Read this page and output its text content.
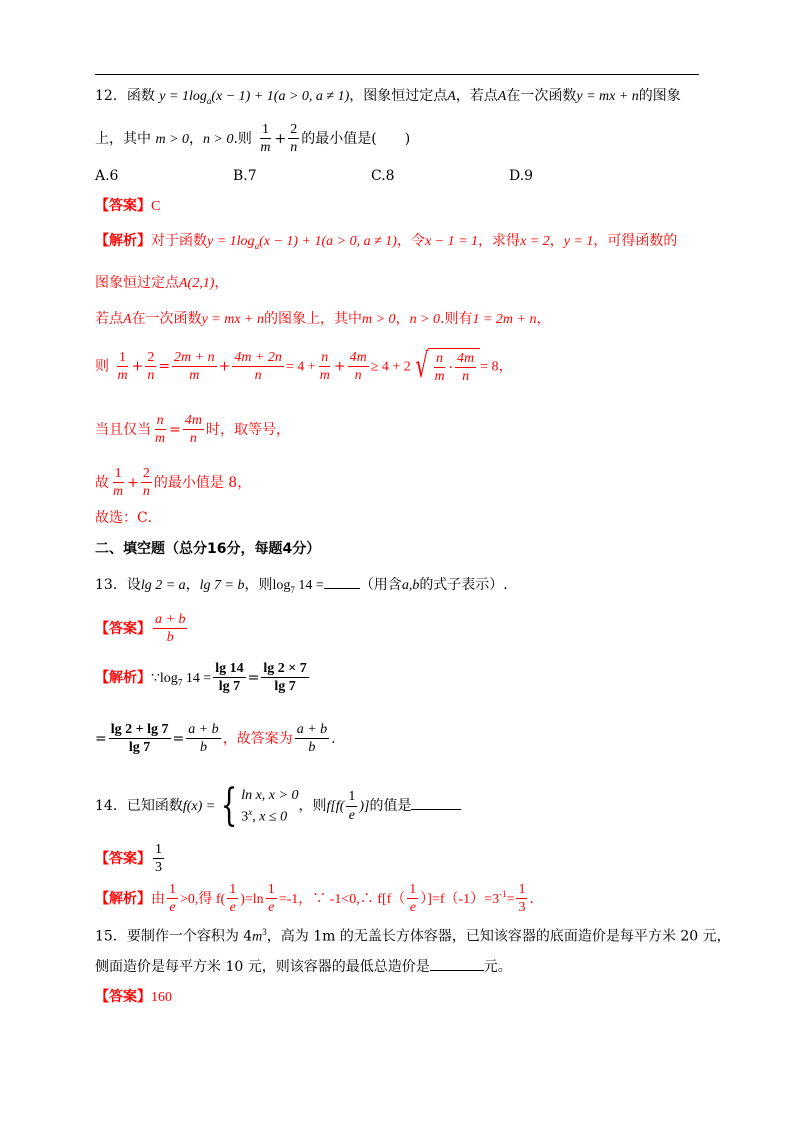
12．函数 $y = 1\log_a(x - 1) + 1(a > 0$, a ≠ 1)，图象恒过定点A，若点A在一次函数y = mx + n的图象
上，其中 m > 0，n > 0.则 $\frac{1}{m} + \frac{2}{n}$ 的最小值是(　　)
A.6	B.7	C.8	D.9
【答案】C
【解析】对于函数$y = 1\log_a(x - 1) + 1(a > 0$, a ≠ 1)，令x − 1 = 1，求得x = 2，y = 1，可得函数的
图象恒过定点A(2,1)，
若点A在一次函数y = mx + n的图象上，其中m > 0，n > 0.则有1 = 2m + n，
则 $\frac{1}{m} + \frac{2}{n} = \frac{2m + n}{m} + \frac{4m + 2n}{n} = 4 + \frac{n}{m} + \frac{4m}{n} \ge 4 + 2$ √ $\frac{n}{m} \cdot \frac{4m}{n} = 8$，
当且仅当 $\frac{n}{m} = \frac{4m}{n}$ 时，取等号，
故 $\frac{1}{m} + \frac{2}{n}$ 的最小值是 8，
故选：C．
二、填空题（总分16分，每题4分）
13．设lg 2 = a，lg 7 = b，则$\log_7 14$ =	（用含a,b的式子表示）.
【答案】 $\frac{a + b}{b}$
【解析】$\because\log_7$ $14 = \frac{\lg 14}{\lg 7} = \frac{\lg 2 \times 7}{\lg 7}$
= $\frac{\lg 2 + \lg 7}{\lg 7} = \frac{a + b}{b}$ ，故答案为 $\frac{a + b}{b}$ .
14．已知函数f(x) = { ln x, x > 0
3$^x$, x ≤ 0
，则$f[f( \frac{1}{e}$ )]的值是
【答案】 $\frac{1}{3}$
【解析】由 $\frac{1}{e} >0$,得 $f( \frac{1}{e} )=\ln \frac{1}{e} =-1$，∵ -1<0,∴ $f[f( \frac{1}{e} )]=f(-1)=3^{-1}= \frac{1}{3}$ ．
15．要制作一个容积为 $4m^3$，高为 1m 的无盖长方体容器，已知该容器的底面造价是每平方米 20 元，
侧面造价是每平方米 10 元，则该容器的最低总造价是	元。
【答案】160
